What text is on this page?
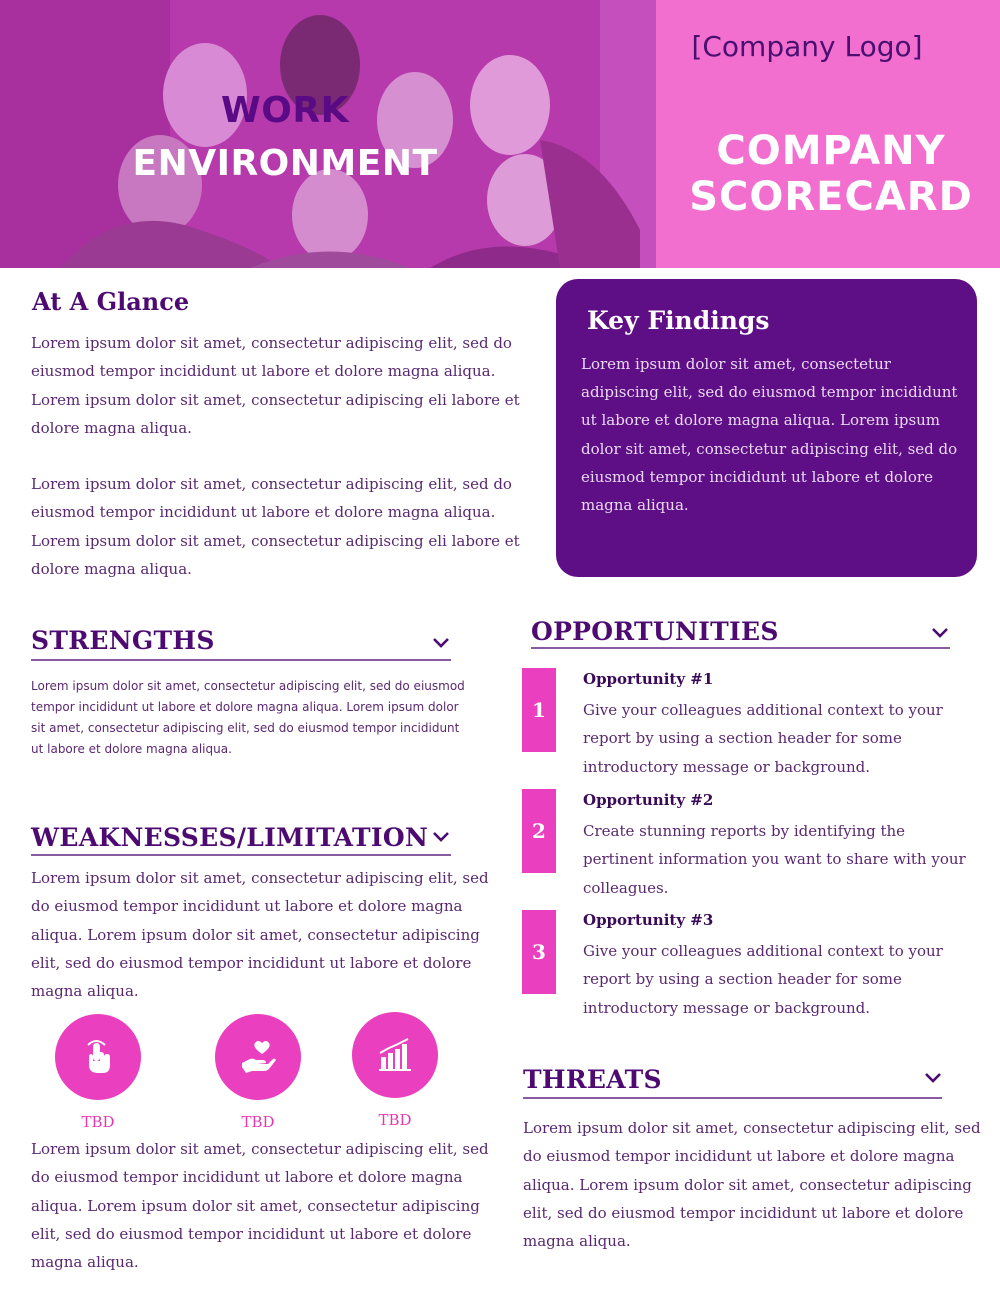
WORK
ENVIRONMENT
[Company Logo]
COMPANY
SCORECARD
At A Glance
Lorem ipsum dolor sit amet, consectetur adipiscing elit, sed do eiusmod tempor incididunt ut labore et dolore magna aliqua. Lorem ipsum dolor sit amet, consectetur adipiscing eli labore et dolore magna aliqua.
Lorem ipsum dolor sit amet, consectetur adipiscing elit, sed do eiusmod tempor incididunt ut labore et dolore magna aliqua. Lorem ipsum dolor sit amet, consectetur adipiscing eli labore et dolore magna aliqua.
Key Findings
Lorem ipsum dolor sit amet, consectetur adipiscing elit, sed do eiusmod tempor incididunt ut labore et dolore magna aliqua. Lorem ipsum dolor sit amet, consectetur adipiscing elit, sed do eiusmod tempor incididunt ut labore et dolore magna aliqua.
STRENGTHS
Lorem ipsum dolor sit amet, consectetur adipiscing elit, sed do eiusmod tempor incididunt ut labore et dolore magna aliqua. Lorem ipsum dolor sit amet, consectetur adipiscing elit, sed do eiusmod tempor incididunt ut labore et dolore magna aliqua.
WEAKNESSES/LIMITATION
Lorem ipsum dolor sit amet, consectetur adipiscing elit, sed do eiusmod tempor incididunt ut labore et dolore magna aliqua. Lorem ipsum dolor sit amet, consectetur adipiscing elit, sed do eiusmod tempor incididunt ut labore et dolore magna aliqua.
TBD	TBD	TBD
Lorem ipsum dolor sit amet, consectetur adipiscing elit, sed do eiusmod tempor incididunt ut labore et dolore magna aliqua. Lorem ipsum dolor sit amet, consectetur adipiscing elit, sed do eiusmod tempor incididunt ut labore et dolore magna aliqua.
OPPORTUNITIES
1
Opportunity #1
Give your colleagues additional context to your report by using a section header for some introductory message or background.
2
Opportunity #2
Create stunning reports by identifying the pertinent information you want to share with your colleagues.
3
Opportunity #3
Give your colleagues additional context to your report by using a section header for some introductory message or background.
THREATS
Lorem ipsum dolor sit amet, consectetur adipiscing elit, sed do eiusmod tempor incididunt ut labore et dolore magna aliqua. Lorem ipsum dolor sit amet, consectetur adipiscing elit, sed do eiusmod tempor incididunt ut labore et dolore magna aliqua.
